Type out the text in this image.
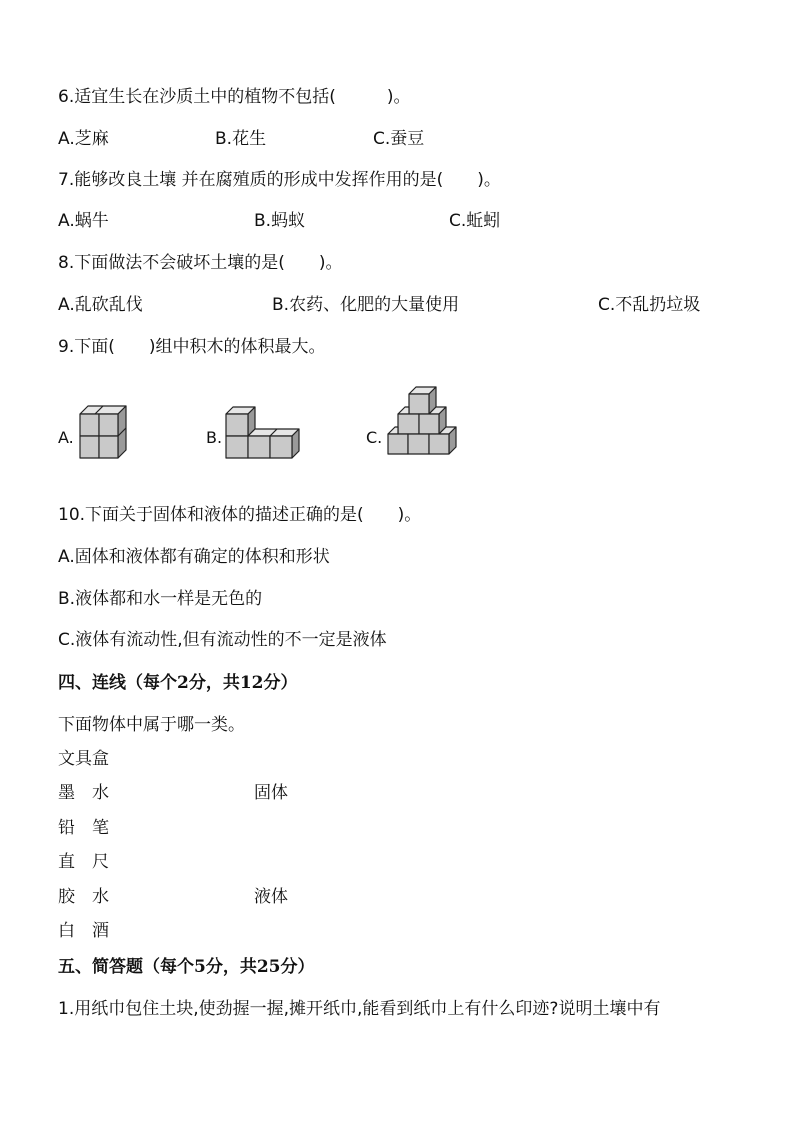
6.适宜生长在沙质土中的植物不包括(　　　)。
A.芝麻	B.花生	C.蚕豆
7.能够改良土壤 并在腐殖质的形成中发挥作用的是(　　)。
A.蜗牛	B.蚂蚁	C.蚯蚓
8.下面做法不会破坏土壤的是(　　)。
A.乱砍乱伐	B.农药、化肥的大量使用	C.不乱扔垃圾
9.下面(　　)组中积木的体积最大。
A.	B.	C.
10.下面关于固体和液体的描述正确的是(　　)。
A.固体和液体都有确定的体积和形状
B.液体都和水一样是无色的
C.液体有流动性,但有流动性的不一定是液体
四、连线（每个2分，共12分）
下面物体中属于哪一类。
文具盒
墨　水
铅　笔
直　尺
胶　水
白　酒
固体
液体
五、简答题（每个5分，共25分）
1.用纸巾包住土块,使劲握一握,摊开纸巾,能看到纸巾上有什么印迹?说明土壤中有
